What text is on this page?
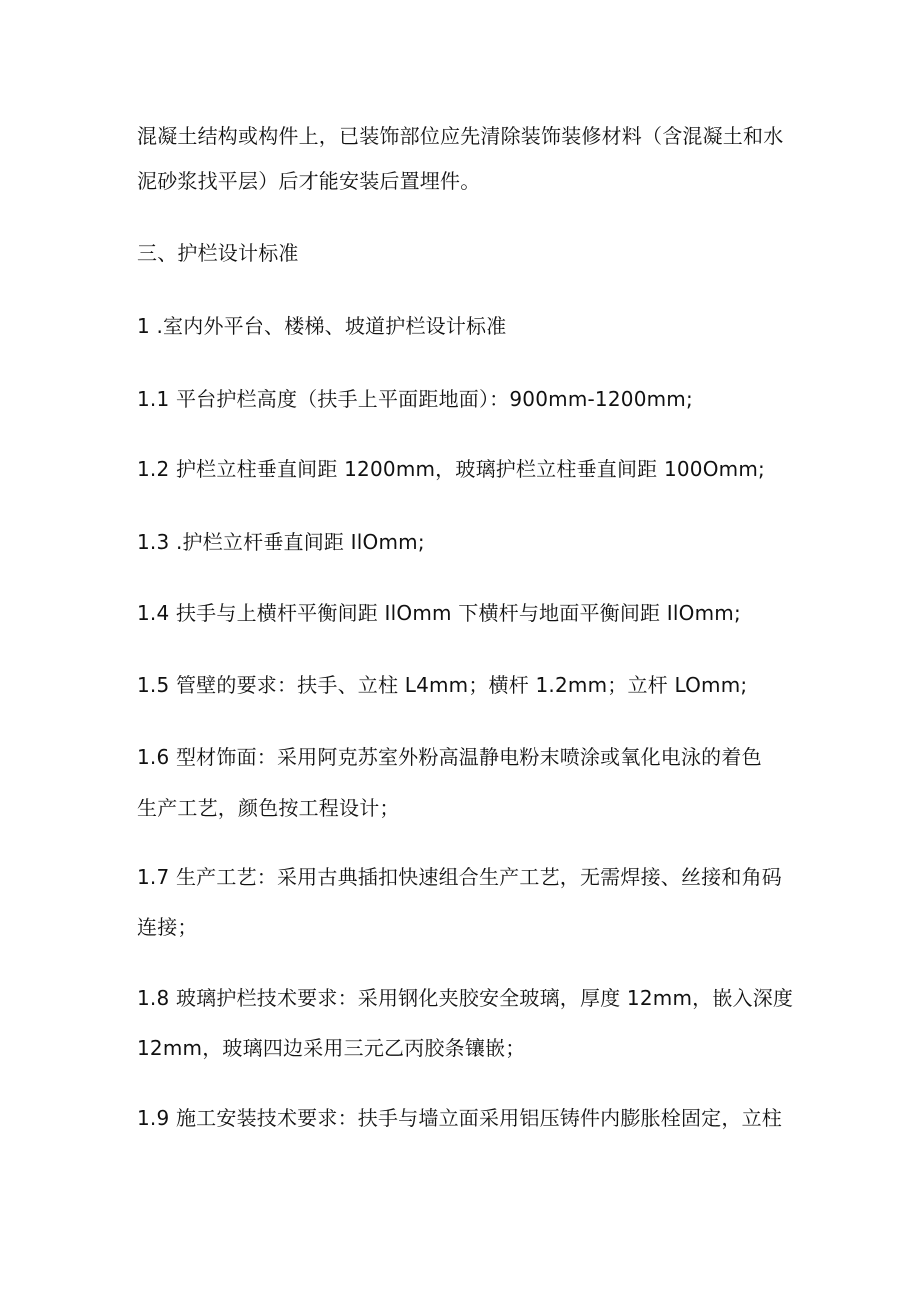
混凝土结构或构件上，已装饰部位应先清除装饰装修材料（含混凝土和水
泥砂浆找平层）后才能安装后置埋件。
三、护栏设计标准
1 .室内外平台、楼梯、坡道护栏设计标准
1.1 平台护栏高度（扶手上平面距地面）：900mm-1200mm;
1.2 护栏立柱垂直间距 1200mm，玻璃护栏立柱垂直间距 100Omm;
1.3 .护栏立杆垂直间距 IlOmm;
1.4 扶手与上横杆平衡间距 IlOmm 下横杆与地面平衡间距 IlOmm;
1.5 管壁的要求：扶手、立柱 L4mm；横杆 1.2mm；立杆 LOmm;
1.6 型材饰面：采用阿克苏室外粉高温静电粉末喷涂或氧化电泳的着色
生产工艺，颜色按工程设计；
1.7 生产工艺：采用古典插扣快速组合生产工艺，无需焊接、丝接和角码
连接；
1.8 玻璃护栏技术要求：采用钢化夹胶安全玻璃，厚度 12mm，嵌入深度
12mm，玻璃四边采用三元乙丙胶条镶嵌；
1.9 施工安装技术要求：扶手与墙立面采用铝压铸件内膨胀栓固定，立柱
